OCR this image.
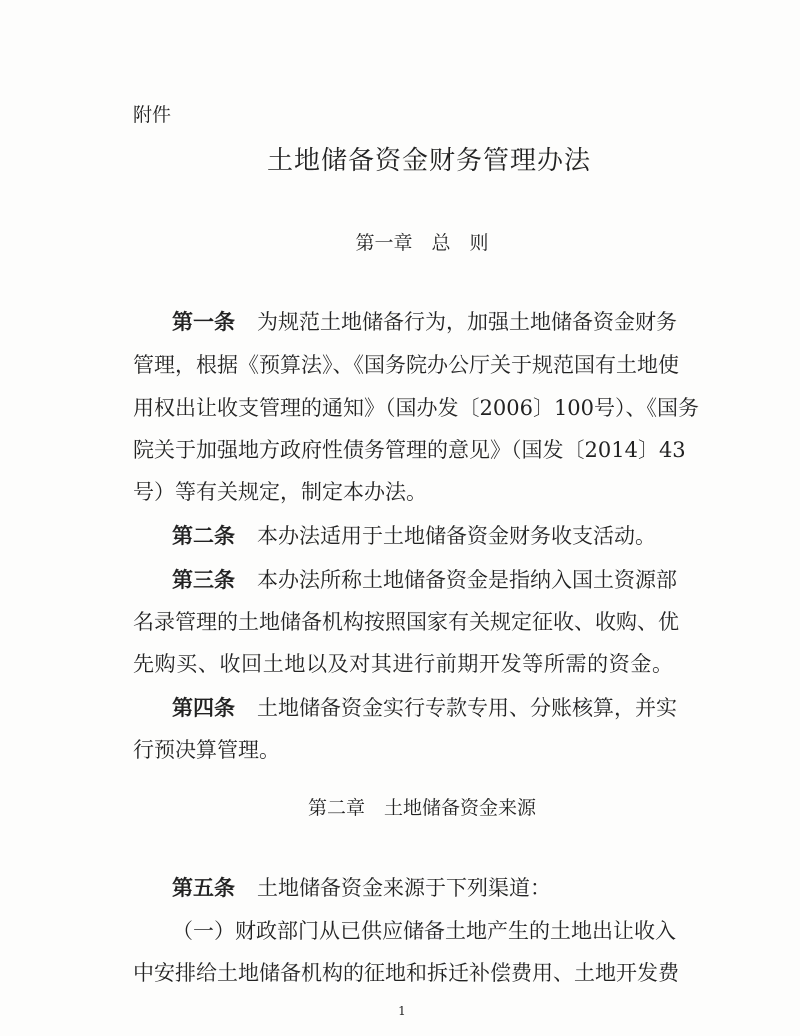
附件
土地储备资金财务管理办法
第一章　总　则
第一条 为规范土地储备行为，加强土地储备资金财务
管理，根据《预算法》、《国务院办公厅关于规范国有土地使
用权出让收支管理的通知》（国办发〔2006〕100号）、《国务
院关于加强地方政府性债务管理的意见》（国发〔2014〕43
号）等有关规定，制定本办法。
第二条 本办法适用于土地储备资金财务收支活动。
第三条 本办法所称土地储备资金是指纳入国土资源部
名录管理的土地储备机构按照国家有关规定征收、收购、优
先购买、收回土地以及对其进行前期开发等所需的资金。
第四条 土地储备资金实行专款专用、分账核算，并实
行预决算管理。
第二章　土地储备资金来源
第五条 土地储备资金来源于下列渠道：
（一）财政部门从已供应储备土地产生的土地出让收入
中安排给土地储备机构的征地和拆迁补偿费用、土地开发费
1
